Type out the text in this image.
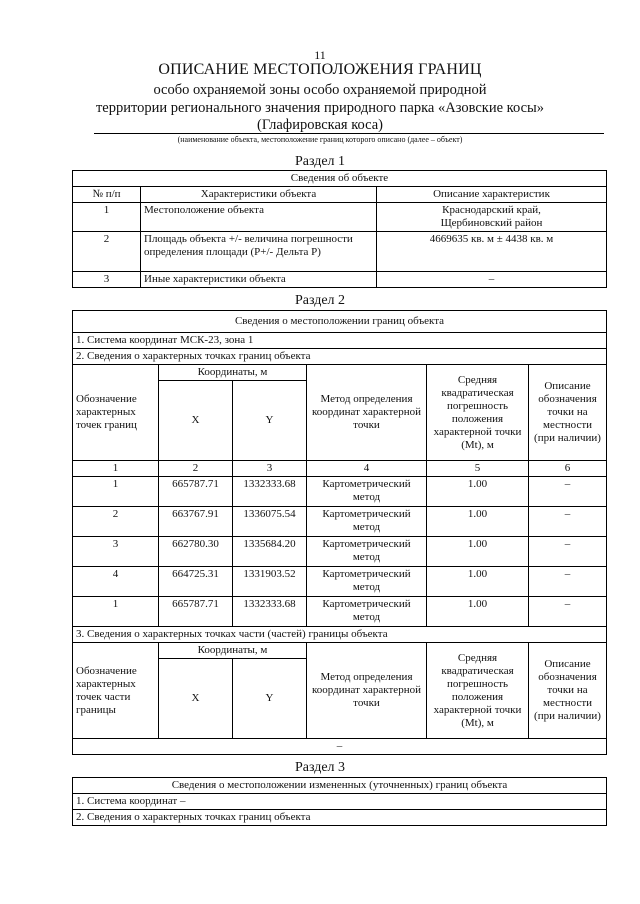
11
ОПИСАНИЕ МЕСТОПОЛОЖЕНИЯ ГРАНИЦ
особо охраняемой зоны особо охраняемой природной
территории регионального значения природного парка «Азовские косы»
(Глафировская коса)
(наименование объекта, местоположение границ которого описано (далее – объект)
Раздел 1
Сведения об объекте		
№ п/п	Характеристики объекта	Описание характеристик
1	Местоположение объекта	Краснодарский край,
Щербиновский район
2	Площадь объекта +/- величина погрешности определения площади (Р+/- Дельта Р)	4669635 кв. м ± 4438 кв. м
3	Иные характеристики объекта	–
Раздел 2
Сведения о местоположении границ объекта					
1. Система координат МСК-23, зона 1					
2. Сведения о характерных точках границ объекта					
Обозначение характерных точек границ	Координаты, м		Метод определения координат характерной точки	Средняя квадратическая погрешность положения характерной точки (Mt), м	Описание обозначения точки на местности (при наличии)
	X	Y			
1	2	3	4	5	6
1	665787.71	1332333.68	Картометрический метод	1.00	–
2	663767.91	1336075.54	Картометрический метод	1.00	–
3	662780.30	1335684.20	Картометрический метод	1.00	–
4	664725.31	1331903.52	Картометрический метод	1.00	–
1	665787.71	1332333.68	Картометрический метод	1.00	–
3. Сведения о характерных точках части (частей) границы объекта					
Обозначение характерных точек части границы	Координаты, м		Метод определения координат характерной точки	Средняя квадратическая погрешность положения характерной точки (Mt), м	Описание обозначения точки на местности (при наличии)
	X	Y			
–					
Раздел 3
Сведения о местоположении измененных (уточненных) границ объекта
1. Система координат –
2. Сведения о характерных точках границ объекта
